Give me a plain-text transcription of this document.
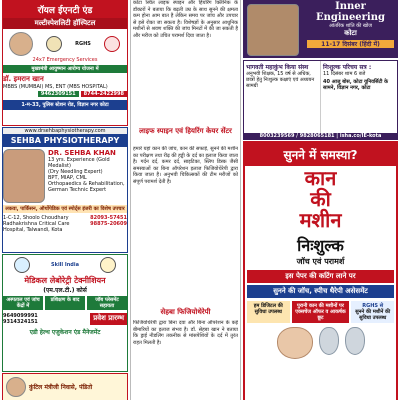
रॉयल ईएनटी एंड
मल्टीस्पेशलिटी हॉस्पिटल
RGHS
24x7 Emergency Services
मुख्यमंत्री आयुष्मान आरोग्य योजना में
डॉ. इमरान खान
MBBS (MUMBAI) MS, ENT (MBS HOSPITAL)
9462309151	8744-2422998
1-म-33, पुलिस स्टेशन रोड, विज्ञान नगर कोटा
www.drsehbaphysiotherapy.com
SEHBA PHYSIOTHERAPY
DR. SEHBA KHAN
13 yrs. Experience (Gold Medalist)
(Dry Needling Expert)
BPT, MIAP, CML
Orthopaedics & Rehabilitation,
German Technic Expert
लकवा, पार्किंसन, ऑर्थोपेडिक एवं स्पोर्ट्स इंजरी का विशेष उपचार
1-C-12, Shoolo Choudhary Radhakrishna Critical Care Hospital, Talwandi, Kota
82093-57451
98875-20609
Skill India
मेडिकल लेबोरेट्री टेक्नीशियन
(एम.एल.टी.) कोर्स
अस्पताल एवं जांच केंद्रों में
प्रशिक्षण के बाद	जॉब प्लेसमेंट सहायता
9649099991
9314324151	प्रवेश प्रारम्भ
एडी हेल्थ एजुकेशन एंड मैनेजमेंट
कुंटिल मंत्रीजी निवासे, पंडितो
कोटा स्थित लाइफ स्पाइन और हियरिंग क्लिनिक के डॉक्टरों ने बताया कि बढ़ती उम्र के साथ सुनने की क्षमता कम होना आम बात है लेकिन समय पर जांच और उपचार से इसे रोका जा सकता है। विशेषज्ञों के अनुसार आधुनिक मशीनों से श्रवण शक्ति की जांच मिनटों में की जा सकती है और मरीज को उचित परामर्श दिया जाता है।
लाइफ स्पाइन एवं हियरिंग केयर सेंटर
हमारे यहां कान की जांच, कान की सफाई, सुनने की मशीन का परीक्षण तथा रीढ़ की हड्डी के दर्द का इलाज किया जाता है। गर्दन दर्द, कमर दर्द, साइटिका, स्लिप डिस्क जैसी समस्याओं का बिना ऑपरेशन इलाज फिजियोथेरेपी द्वारा किया जाता है। अनुभवी चिकित्सकों की टीम मरीजों को संपूर्ण परामर्श देती है।
सेहबा फिजियोथेरेपी
फिजियोथेरेपी द्वारा बिना दवा और बिना ऑपरेशन के कई बीमारियों का इलाज संभव है। डॉ. सेहबा खान ने बताया कि ड्राई नीडलिंग तकनीक से मांसपेशियों के दर्द में तुरंत राहत मिलती है।
Inner Engineering
आंतरिक शांति की खोज
कोटा
11-17 दिसंबर (हिंदी में)
भागवती महाकुंभ किया संस्थ
अनुभवी शिक्षक, 15 वर्ष से अधिक, छात्रों हेतु निःशुल्क कक्षाएं एवं अध्ययन सामग्री
निःशुल्क परिचय सत्र :
11 दिसंबर शाम 6 बजे
40 आजू बोस, कोटा यूनिवर्सिटी के सामने, विज्ञान नगर, कोटा
8003239569 / 9828065181 | isha.co/IE-kota
सुनने में समस्या?
कान
की
मशीन
निःशुल्क
जॉच एवं परामर्श
इस पेपर की कटिंग लाने पर
सुनने की जॉच, स्पीच थैरेपी असेसमेंट
हम डिजिटल की सुविधा उपलब्ध
पुरानी कान की मशीनों पर एक्सचेंज ऑफर व आकर्षक छूट
RGHS से
सुनने की मशीनें की सुविधा उपलब्ध
